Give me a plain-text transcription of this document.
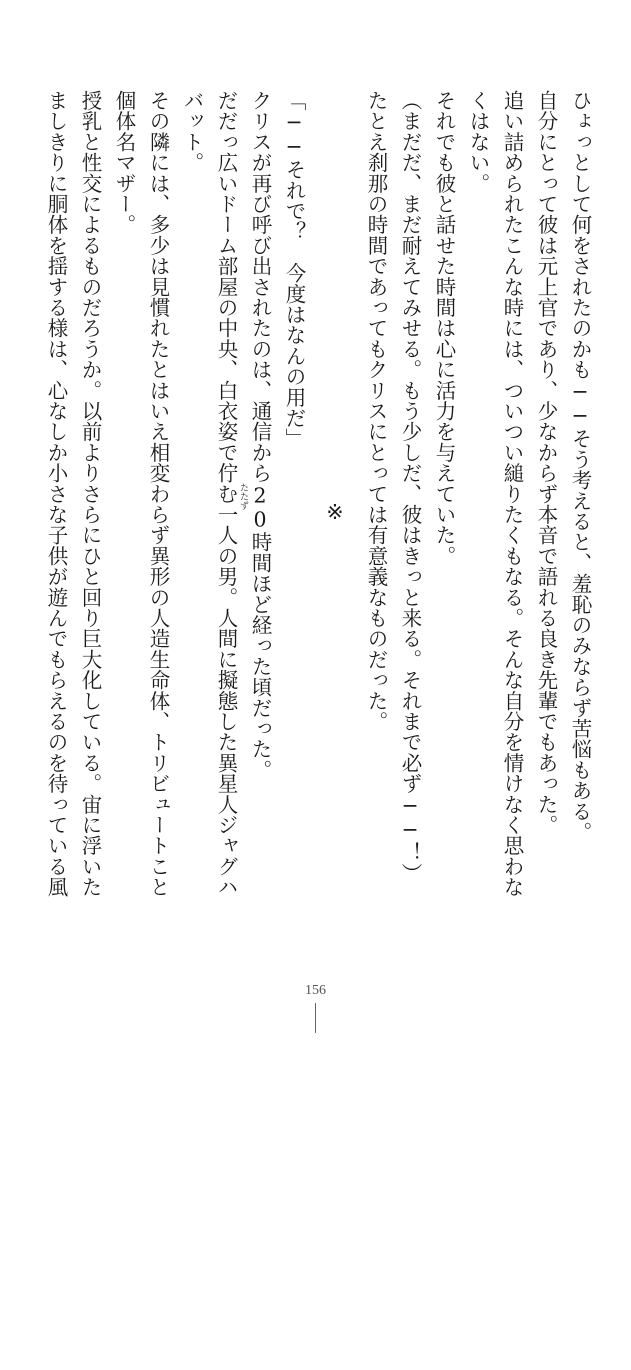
ひょっとして何をされたのかも──そう考えると、羞恥のみならず苦悩もある。
自分にとって彼は元上官であり、少なからず本音で語れる良き先輩でもあった。
追い詰められたこんな時には、ついつい縋りたくもなる。そんな自分を情けなく思わな
くはない。
それでも彼と話せた時間は心に活力を与えていた。
（まだだ、まだ耐えてみせる。もう少しだ、彼はきっと来る。それまで必ず──！）
たとえ刹那の時間であってもクリスにとっては有意義なものだった。
※
「──それで？　今度はなんの用だ」
クリスが再び呼び出されたのは、通信から20時間ほど経った頃だった。
だだっ広いドーム部屋の中央、白衣姿で佇む一人の男。人間に擬態した異星人ジャグハ
バット。
その隣には、多少は見慣れたとはいえ相変わらず異形の人造生命体、トリビュートこと
個体名マザー。
授乳と性交によるものだろうか。以前よりさらにひと回り巨大化している。宙に浮いた
ましきりに胴体を揺する様は、心なしか小さな子供が遊んでもらえるのを待っている風	たたず
156
